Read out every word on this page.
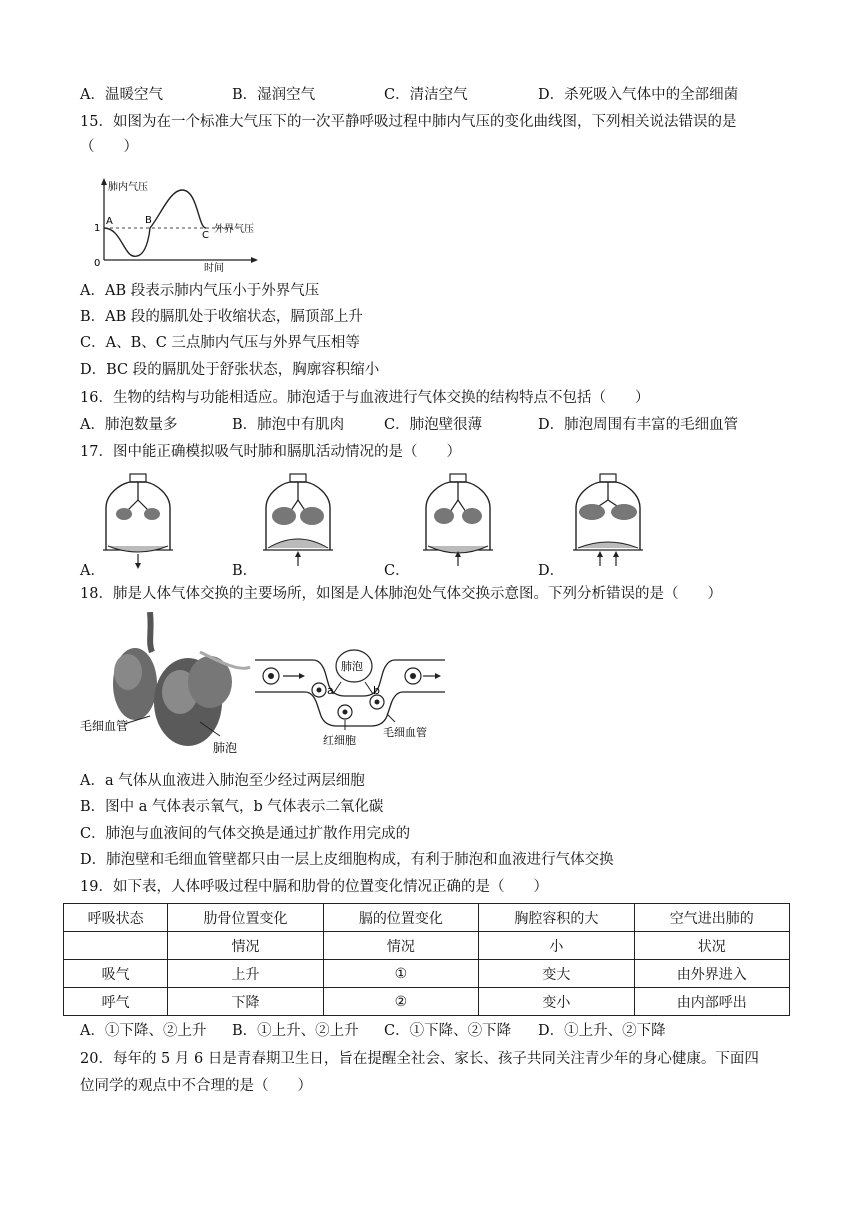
A．温暖空气	B．湿润空气	C．清洁空气	D．杀死吸入气体中的全部细菌
15．如图为在一个标准大气压下的一次平静呼吸过程中肺内气压的变化曲线图，下列相关说法错误的是
（　　）
肺内气压
1
A	B
C
外界气压
0	时间
A．AB 段表示肺内气压小于外界气压
B．AB 段的膈肌处于收缩状态，膈顶部上升
C．A、B、C 三点肺内气压与外界气压相等
D．BC 段的膈肌处于舒张状态，胸廓容积缩小
16．生物的结构与功能相适应。肺泡适于与血液进行气体交换的结构特点不包括（　　）
A．肺泡数量多	B．肺泡中有肌肉	C．肺泡壁很薄	D．肺泡周围有丰富的毛细血管
17．图中能正确模拟吸气时肺和膈肌活动情况的是（　　）
A．	B．	C．	D．
18．肺是人体气体交换的主要场所，如图是人体肺泡处气体交换示意图。下列分析错误的是（　　）
毛细血管
肺泡
肺泡
a	b
毛细血管
红细胞
A．a 气体从血液进入肺泡至少经过两层细胞
B．图中 a 气体表示氧气，b 气体表示二氧化碳
C．肺泡与血液间的气体交换是通过扩散作用完成的
D．肺泡壁和毛细血管壁都只由一层上皮细胞构成，有利于肺泡和血液进行气体交换
19．如下表，人体呼吸过程中膈和肋骨的位置变化情况正确的是（　　）
呼吸状态	肋骨位置变化	膈的位置变化	胸腔容积的大	空气进出肺的
	情况	情况	小	状况
吸气	上升	①	变大	由外界进入
呼气	下降	②	变小	由内部呼出
A．①下降、②上升 B．①上升、②上升 C．①下降、②下降 D．①上升、②下降
20．每年的 5 月 6 日是青春期卫生日，旨在提醒全社会、家长、孩子共同关注青少年的身心健康。下面四
位同学的观点中不合理的是（　　）
